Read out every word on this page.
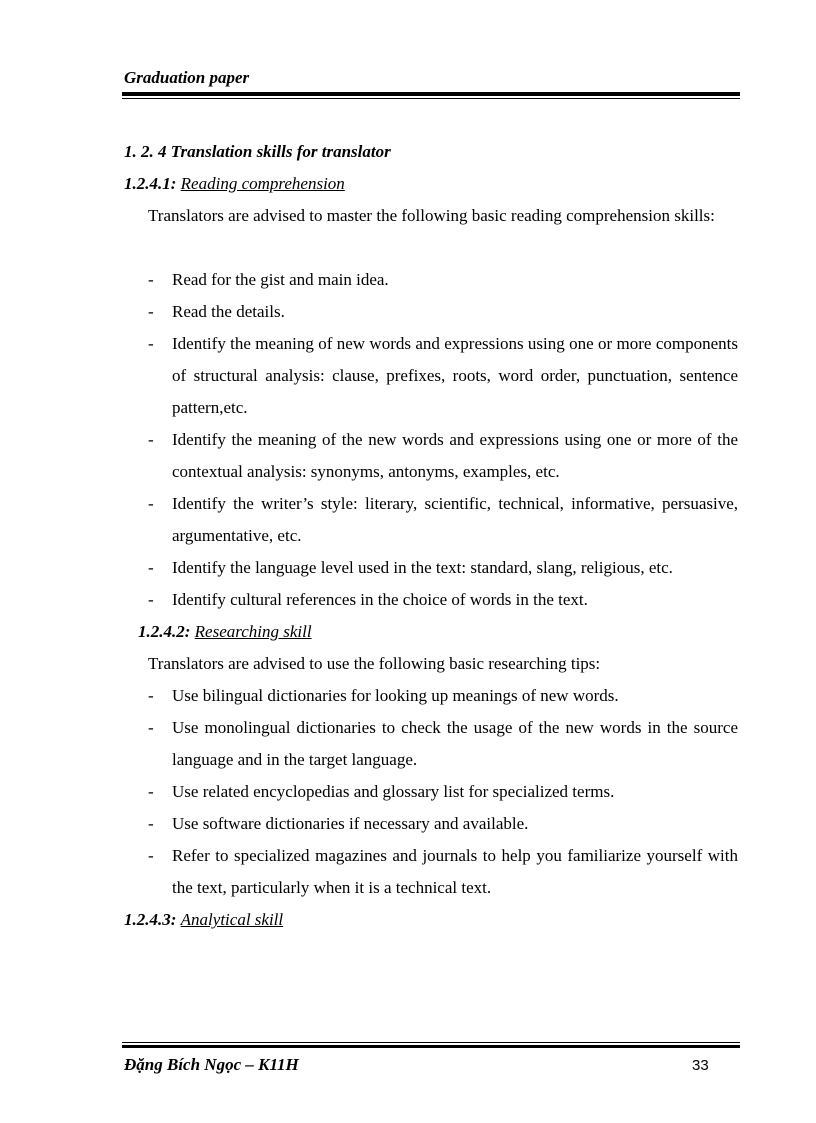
Graduation paper
1. 2. 4 Translation skills for translator
1.2.4.1: Reading comprehension

Translators are advised to master the following basic reading comprehension skills:

- Read for the gist and main idea.
- Read the details.
- Identify the meaning of new words and expressions using one or more components of structural analysis: clause, prefixes, roots, word order, punctuation, sentence pattern,etc.
- Identify the meaning of the new words and expressions using one or more of the contextual analysis: synonyms, antonyms, examples, etc.
- Identify the writer’s style: literary, scientific, technical, informative, persuasive, argumentative, etc.
- Identify the language level used in the text: standard, slang, religious, etc.
- Identify cultural references in the choice of words in the text.
1.2.4.2: Researching skill

Translators are advised to use the following basic researching tips:

- Use bilingual dictionaries for looking up meanings of new words.
- Use monolingual dictionaries to check the usage of the new words in the source language and in the target language.
- Use related encyclopedias and glossary list for specialized terms.
- Use software dictionaries if necessary and available.
- Refer to specialized magazines and journals to help you familiarize yourself with the text, particularly when it is a technical text.
1.2.4.3: Analytical skill
Đặng Bích Ngọc – K11H	33
